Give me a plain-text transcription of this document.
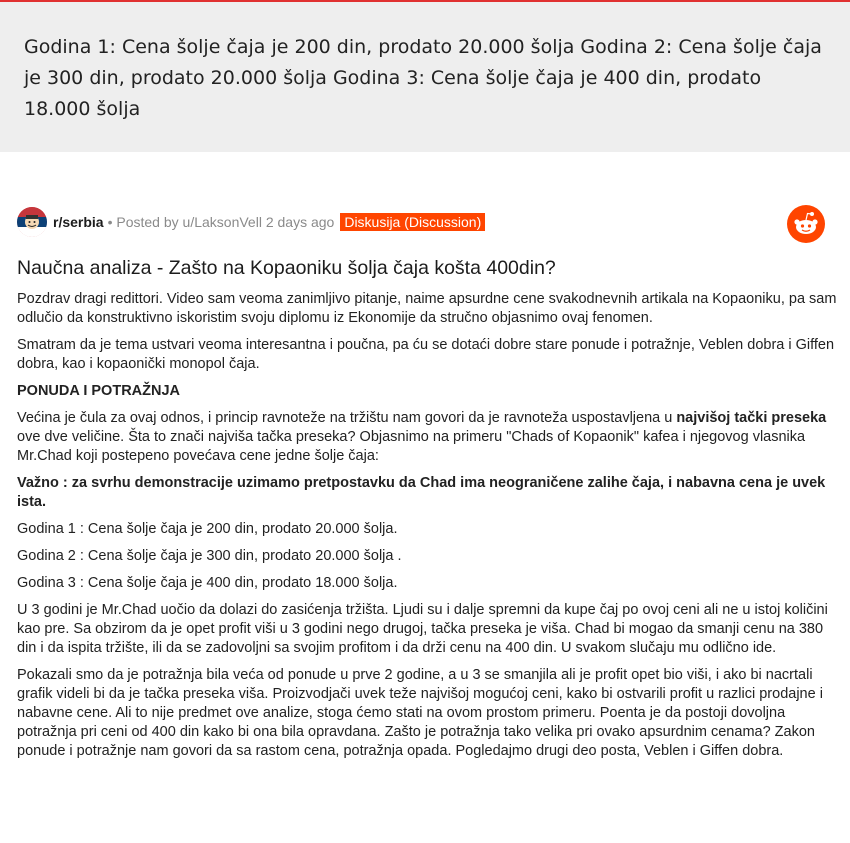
Godina 1: Cena šolje čaja je 200 din, prodato 20.000 šolja Godina 2: Cena šolje čaja je 300 din, prodato 20.000 šolja Godina 3: Cena šolje čaja je 400 din, prodato 18.000 šolja
r/serbia • Posted by u/LaksonVell 2 days ago Diskusija (Discussion)
Naučna analiza - Zašto na Kopaoniku šolja čaja košta 400din?

Pozdrav dragi redittori. Video sam veoma zanimljivo pitanje, naime apsurdne cene svakodnevnih artikala na Kopaoniku, pa sam odlučio da konstruktivno iskoristim svoju diplomu iz Ekonomije da stručno objasnimo ovaj fenomen.

Smatram da je tema ustvari veoma interesantna i poučna, pa ću se dotaći dobre stare ponude i potražnje, Veblen dobra i Giffen dobra, kao i kopaonički monopol čaja.

PONUDA I POTRAŽNJA

Većina je čula za ovaj odnos, i princip ravnoteže na tržištu nam govori da je ravnoteža uspostavljena u najvišoj tački preseka ove dve veličine. Šta to znači najviša tačka preseka? Objasnimo na primeru "Chads of Kopaonik" kafea i njegovog vlasnika Mr.Chad koji postepeno povećava cene jedne šolje čaja:

Važno : za svrhu demonstracije uzimamo pretpostavku da Chad ima neograničene zalihe čaja, i nabavna cena je uvek ista.

Godina 1 : Cena šolje čaja je 200 din, prodato 20.000 šolja.

Godina 2 : Cena šolje čaja je 300 din, prodato 20.000 šolja .

Godina 3 : Cena šolje čaja je 400 din, prodato 18.000 šolja.

U 3 godini je Mr.Chad uočio da dolazi do zasićenja tržišta. Ljudi su i dalje spremni da kupe čaj po ovoj ceni ali ne u istoj količini kao pre. Sa obzirom da je opet profit viši u 3 godini nego drugoj, tačka preseka je viša. Chad bi mogao da smanji cenu na 380 din i da ispita tržište, ili da se zadovoljni sa svojim profitom i da drži cenu na 400 din. U svakom slučaju mu odlično ide.

Pokazali smo da je potražnja bila veća od ponude u prve 2 godine, a u 3 se smanjila ali je profit opet bio viši, i ako bi nacrtali grafik videli bi da je tačka preseka viša. Proizvodjači uvek teže najvišoj mogućoj ceni, kako bi ostvarili profit u razlici prodajne i nabavne cene. Ali to nije predmet ove analize, stoga ćemo stati na ovom prostom primeru. Poenta je da postoji dovoljna potražnja pri ceni od 400 din kako bi ona bila opravdana. Zašto je potražnja tako velika pri ovako apsurdnim cenama? Zakon ponude i potražnje nam govori da sa rastom cena, potražnja opada. Pogledajmo drugi deo posta, Veblen i Giffen dobra.
